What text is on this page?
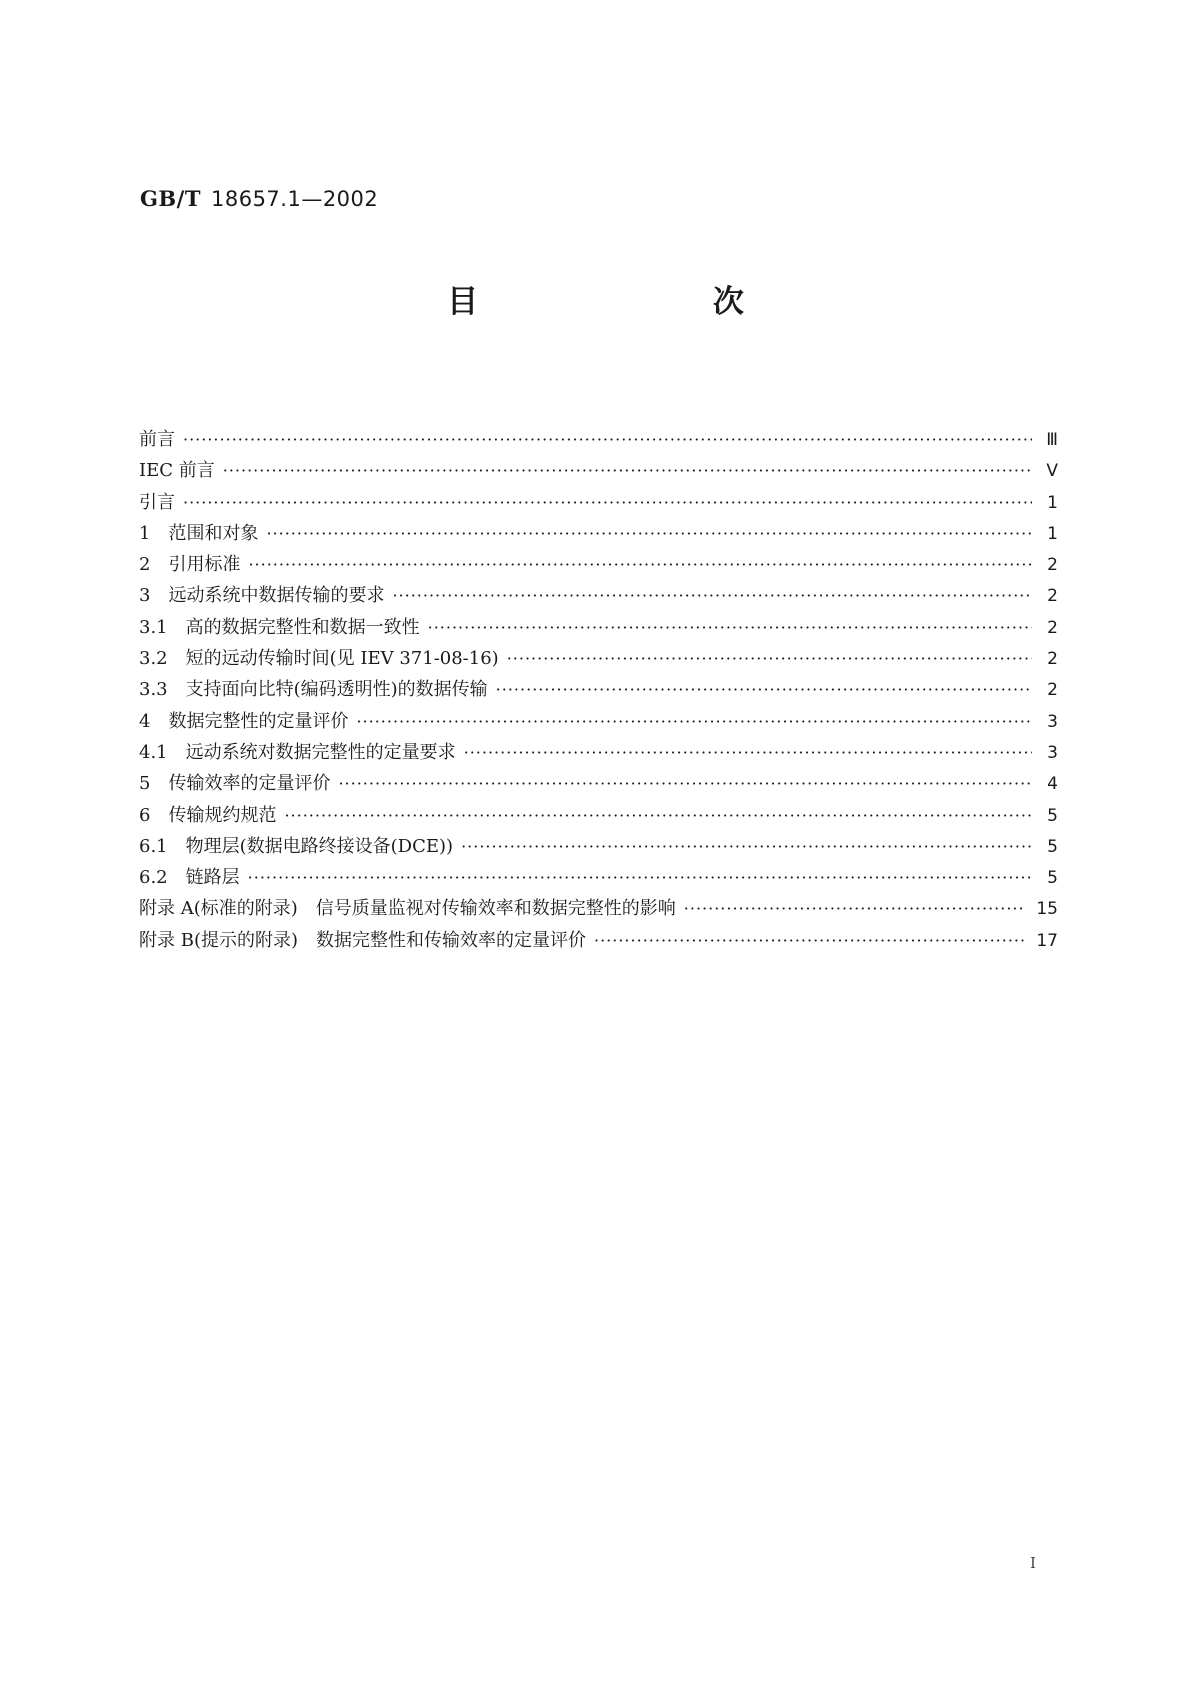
GB/T 18657.1—2002
目 次
前言 ·····	Ⅲ
IEC 前言 ·····	Ⅴ
引言 ·····	1
1　范围和对象 ·····	1
2　引用标准 ·····	2
3　远动系统中数据传输的要求 ·····	2
3.1　高的数据完整性和数据一致性 ·····	2
3.2　短的远动传输时间(见 IEV 371-08-16) ·····	2
3.3　支持面向比特(编码透明性)的数据传输 ·····	2
4　数据完整性的定量评价 ·····	3
4.1　远动系统对数据完整性的定量要求 ·····	3
5　传输效率的定量评价 ·····	4
6　传输规约规范 ·····	5
6.1　物理层(数据电路终接设备(DCE)) ·····	5
6.2　链路层 ·····	5
附录 A(标准的附录)　信号质量监视对传输效率和数据完整性的影响 ·····	15
附录 B(提示的附录)　数据完整性和传输效率的定量评价 ·····	17
I
